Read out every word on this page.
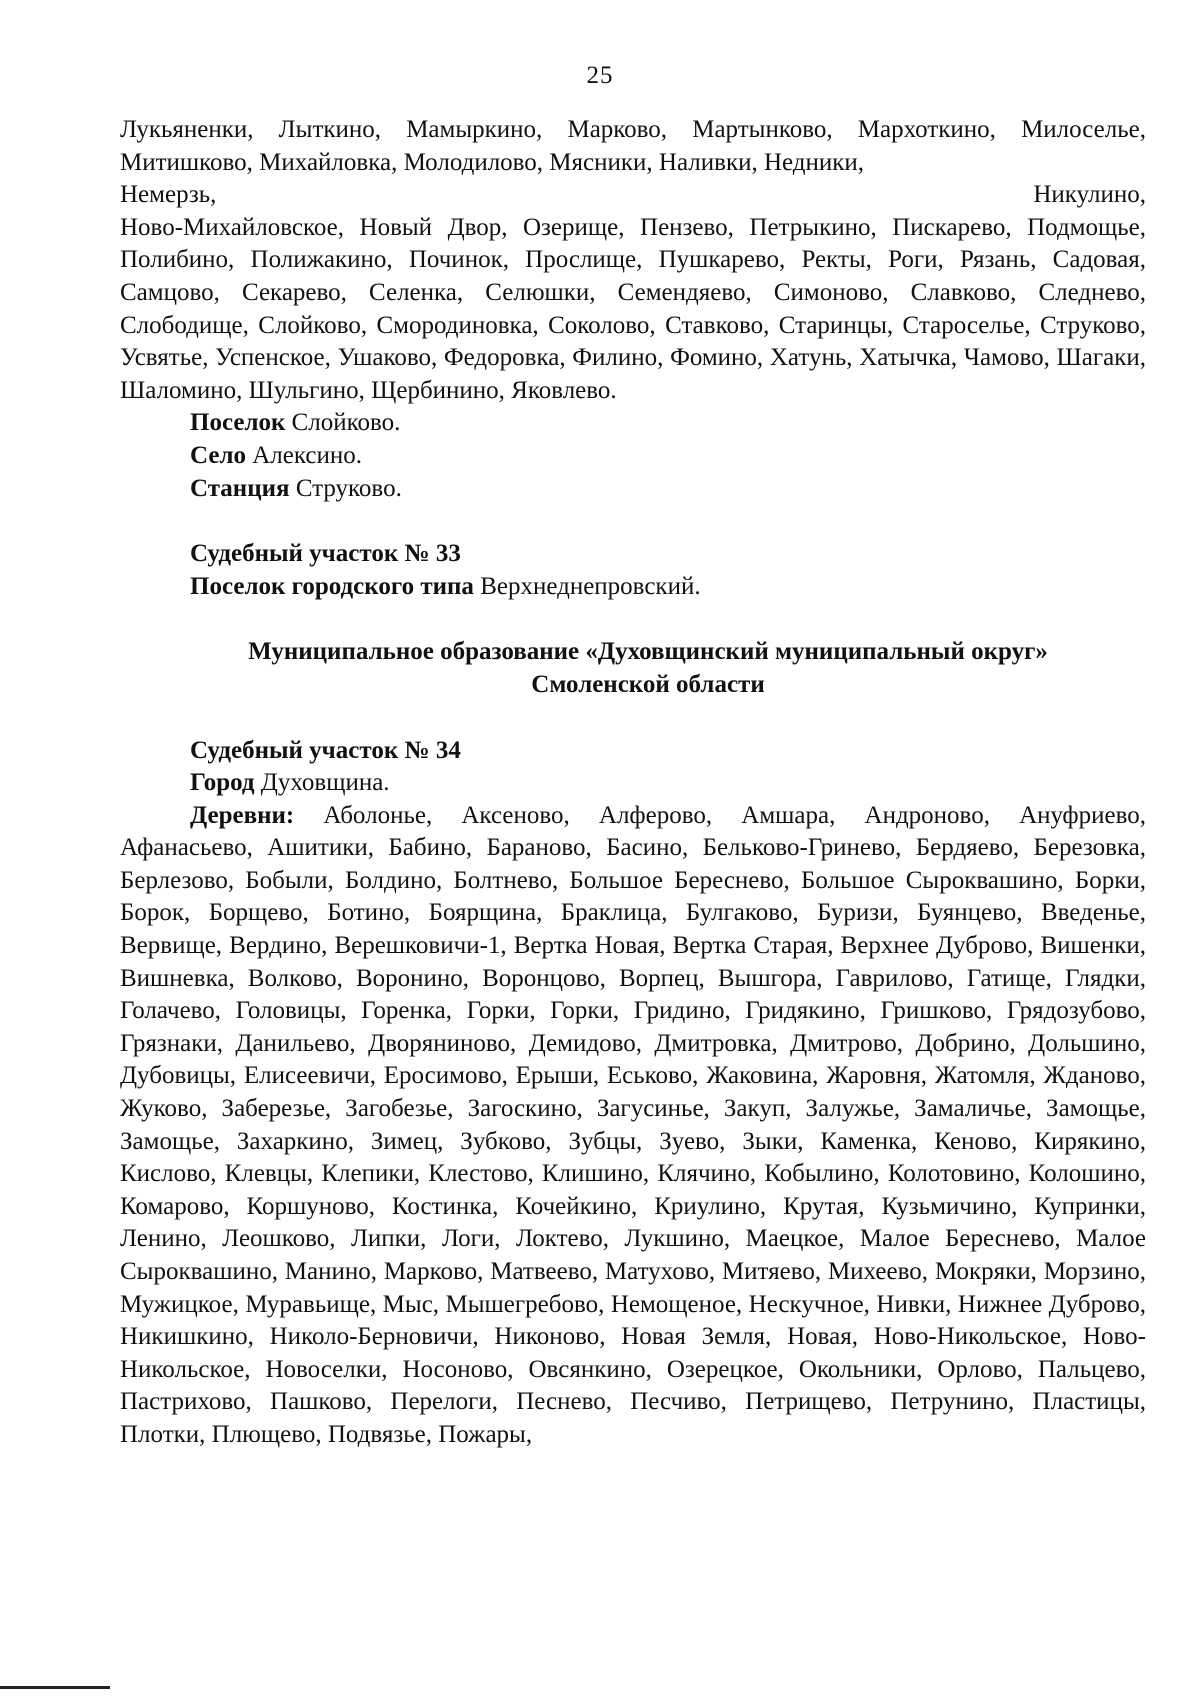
25

Лукьяненки, Лыткино, Мамыркино, Марково, Мартынково, Мархоткино, Милоселье, Митишково, Михайловка, Молодилово, Мясники, Наливки, Недники,

Немерзь,	Никулино,

Ново-Михайловское, Новый Двор, Озерище, Пензево, Петрыкино, Пискарево, Подмощье, Полибино, Полижакино, Починок, Прослище, Пушкарево, Ректы, Роги, Рязань, Садовая, Самцово, Секарево, Селенка, Селюшки, Семендяево, Симоново, Славково, Следнево, Слободище, Слойково, Смородиновка, Соколово, Ставково, Старинцы, Староселье, Струково, Усвятье, Успенское, Ушаково, Федоровка, Филино, Фомино, Хатунь, Хатычка, Чамово, Шагаки, Шаломино, Шульгино, Щербинино, Яковлево.

Поселок Слойково.

Село Алексино.

Станция Струково.

Судебный участок № 33

Поселок городского типа Верхнеднепровский.

Муниципальное образование «Духовщинский муниципальный округ»

Смоленской области

Судебный участок № 34

Город Духовщина.

Деревни: Аболонье, Аксеново, Алферово, Амшара, Андроново, Ануфриево, Афанасьево, Ашитики, Бабино, Бараново, Басино, Бельково-Гринево, Бердяево, Березовка, Берлезово, Бобыли, Болдино, Болтнево, Большое Береснево, Большое Сыроквашино, Борки, Борок, Борщево, Ботино, Боярщина, Браклица, Булгаково, Буризи, Буянцево, Введенье, Вервище, Вердино, Верешковичи-1, Вертка Новая, Вертка Старая, Верхнее Дуброво, Вишенки, Вишневка, Волково, Воронино, Воронцово, Ворпец, Вышгора, Гаврилово, Гатище, Глядки, Голачево, Головицы, Горенка, Горки, Горки, Гридино, Гридякино, Гришково, Грядозубово, Грязнаки, Данильево, Дворяниново, Демидово, Дмитровка, Дмитрово, Добрино, Дольшино, Дубовицы, Елисеевичи, Еросимово, Ерыши, Еськово, Жаковина, Жаровня, Жатомля, Жданово, Жуково, Заберезье, Загобезье, Загоскино, Загусинье, Закуп, Залужье, Замаличье, Замощье, Замощье, Захаркино, Зимец, Зубково, Зубцы, Зуево, Зыки, Каменка, Кеново, Кирякино, Кислово, Клевцы, Клепики, Клестово, Клишино, Клячино, Кобылино, Колотовино, Колошино, Комарово, Коршуново, Костинка, Кочейкино, Криулино, Крутая, Кузьмичино, Купринки, Ленино, Леошково, Липки, Логи, Локтево, Лукшино, Маецкое, Малое Береснево, Малое Сыроквашино, Манино, Марково, Матвеево, Матухово, Митяево, Михеево, Мокряки, Морзино, Мужицкое, Муравьище, Мыс, Мышегребово, Немощеное, Нескучное, Нивки, Нижнее Дуброво, Никишкино, Николо-Берновичи, Никоново, Новая Земля, Новая, Ново-Никольское, Ново-Никольское, Новоселки, Носоново, Овсянкино, Озерецкое, Окольники, Орлово, Пальцево, Пастрихово, Пашково, Перелоги, Песнево, Песчиво, Петрищево, Петрунино, Пластицы, Плотки, Плющево, Подвязье, Пожары,
